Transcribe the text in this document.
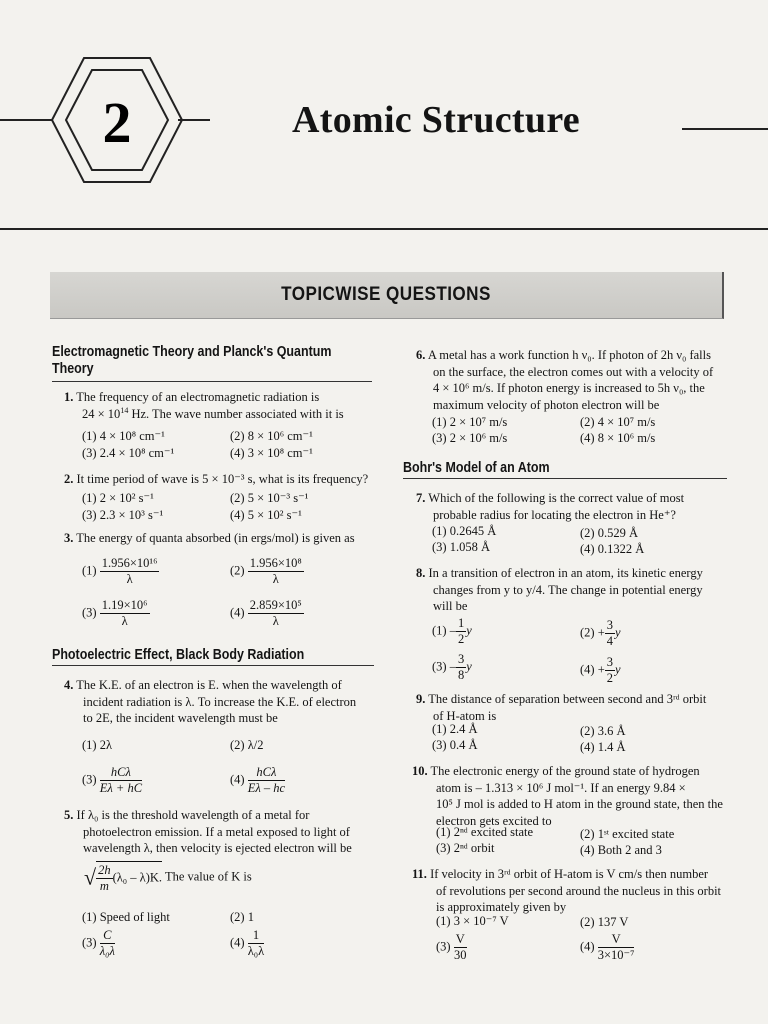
2	Atomic Structure
TOPICWISE QUESTIONS
Electromagnetic Theory and Planck's Quantum
Theory
1. The frequency of an electromagnetic radiation is
$24 \times 10^{14}$ Hz. The wave number associated with it is
(1) 4 × 10⁸ cm⁻¹	(2) 8 × 10⁶ cm⁻¹
(3) 2.4 × 10⁸ cm⁻¹	(4) 3 × 10⁸ cm⁻¹
2. It time period of wave is 5 × 10⁻³ s, what is its frequency?
(1) 2 × 10² s⁻¹	(2) 5 × 10⁻³ s⁻¹
(3) 2.3 × 10³ s⁻¹	(4) 5 × 10² s⁻¹
3. The energy of quanta absorbed (in ergs/mol) is given as
$(1) \frac{\text{1.956×10¹⁶}}{\lambda}$	$(2) \frac{\text{1.956×10⁸}}{\lambda}$
$(3) \frac{\text{1.19×10⁶}}{\lambda}$	$(4) \frac{\text{2.859×10⁵}}{\lambda}$
Photoelectric Effect, Black Body Radiation
4. The K.E. of an electron is E. when the wavelength of
incident radiation is λ. To increase the K.E. of electron
to 2E, the incident wavelength must be
(1) 2λ	(2) λ/2
$(3) \frac{\text{hCλ}}{E\lambda + hC}$	$(4) \frac{\text{hCλ}}{E\lambda - hc}$
5. If λ₀ is the threshold wavelength of a metal for
photoelectron emission. If a metal exposed to light of
wavelength λ, then velocity is ejected electron will be
√ $\frac{2h}{m} (\lambda_0 - \lambda)K$. The value of K is
(1) Speed of light	(2) 1
$(3) \frac{C}{\text{λ₀λ}}$	$(4) \frac{1}{\text{λ₀λ}}$
6. A metal has a work function h ν₀. If photon of 2h ν₀ falls
on the surface, the electron comes out with a velocity of
4 × 10⁶ m/s. If photon energy is increased to 5h ν₀, the
maximum velocity of photon electron will be
(1) 2 × 10⁷ m/s	(2) 4 × 10⁷ m/s
(3) 2 × 10⁶ m/s	(4) 8 × 10⁶ m/s
Bohr's Model of an Atom
7. Which of the following is the correct value of most
probable radius for locating the electron in He⁺?
(1) 0.2645 Å	(2) 0.529 Å
(3) 1.058 Å	(4) 0.1322 Å
8. In a transition of electron in an atom, its kinetic energy
changes from y to y/4. The change in potential energy
will be
$(1) - \frac{1}{2}$ y	$(2) + \frac{3}{4}$ y
$(3) - \frac{3}{8}$ y	$(4) + \frac{3}{2}$ y
9. The distance of separation between second and 3ʳᵈ orbit
of H-atom is
(1) 2.4 Å	(2) 3.6 Å
(3) 0.4 Å	(4) 1.4 Å
10. The electronic energy of the ground state of hydrogen
atom is – 1.313 × 10⁶ J mol⁻¹. If an energy 9.84 ×
10⁵ J mol is added to H atom in the ground state, then the
electron gets excited to
(1) 2ⁿᵈ excited state	(2) 1ˢᵗ excited state
(3) 2ⁿᵈ orbit	(4) Both 2 and 3
11. If velocity in 3ʳᵈ orbit of H-atom is V cm/s then number
of revolutions per second around the nucleus in this orbit
is approximately given by
(1) 3 × 10⁻⁷ V	(2) 137 V
$(3) \frac{V}{30}$	$(4) \frac{V}{\text{3×10⁻⁷}}$
